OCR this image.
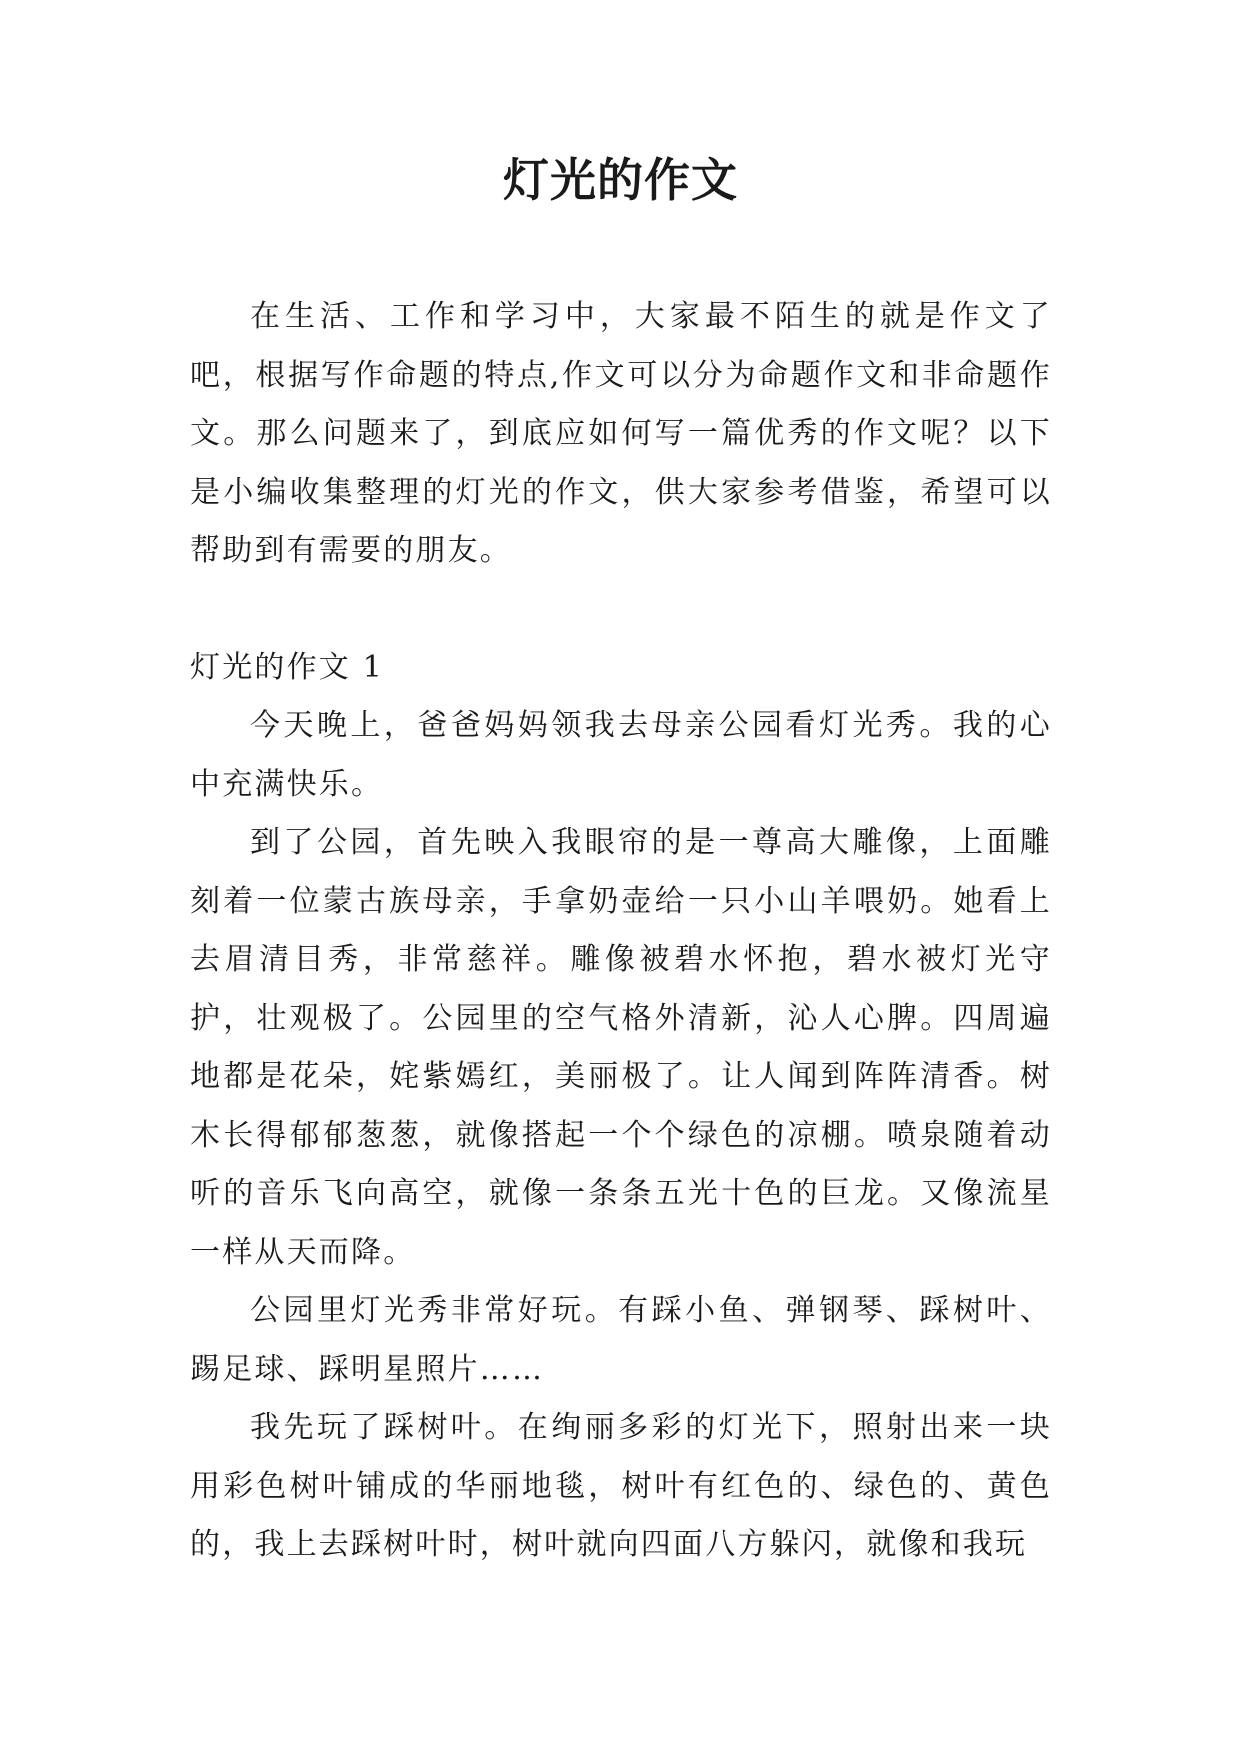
灯光的作文

在生活、工作和学习中，大家最不陌生的就是作文了吧，根据写作命题的特点,作文可以分为命题作文和非命题作文。那么问题来了，到底应如何写一篇优秀的作文呢？以下是小编收集整理的灯光的作文，供大家参考借鉴，希望可以帮助到有需要的朋友。

灯光的作文 1

今天晚上，爸爸妈妈领我去母亲公园看灯光秀。我的心中充满快乐。

到了公园，首先映入我眼帘的是一尊高大雕像，上面雕刻着一位蒙古族母亲，手拿奶壶给一只小山羊喂奶。她看上去眉清目秀，非常慈祥。雕像被碧水怀抱，碧水被灯光守护，壮观极了。公园里的空气格外清新，沁人心脾。四周遍地都是花朵，姹紫嫣红，美丽极了。让人闻到阵阵清香。树木长得郁郁葱葱，就像搭起一个个绿色的凉棚。喷泉随着动听的音乐飞向高空，就像一条条五光十色的巨龙。又像流星一样从天而降。

公园里灯光秀非常好玩。有踩小鱼、弹钢琴、踩树叶、踢足球、踩明星照片……

我先玩了踩树叶。在绚丽多彩的灯光下，照射出来一块用彩色树叶铺成的华丽地毯，树叶有红色的、绿色的、黄色的，我上去踩树叶时，树叶就向四面八方躲闪，就像和我玩
